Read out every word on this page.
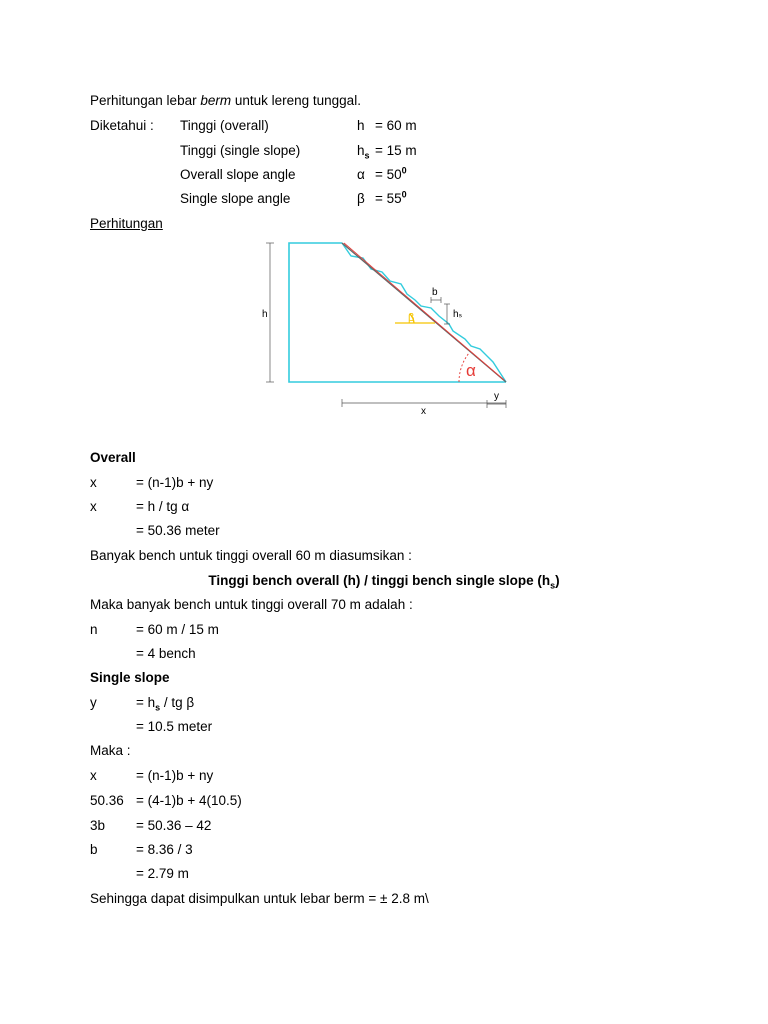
Perhitungan lebar berm untuk lereng tunggal.
Diketahui : Tinggi (overall)	h = 60 m
Tinggi (single slope)	$h_s = 15$ m
Overall slope angle	$\alpha = 50^0$
Single slope angle	$\beta = 55^0$
Perhitungan
h	β
b
hₛ
α
y
x
Overall
x	= (n-1)b + ny
x	= h / tg α
= 50.36 meter
Banyak bench untuk tinggi overall 60 m diasumsikan :
Tinggi bench overall (h) / tinggi bench single slope $(h_s)$
Maka banyak bench untuk tinggi overall 70 m adalah :
n	= 60 m / 15 m
= 4 bench
Single slope
y	= $h_s$ / tg β
= 10.5 meter
Maka :
x	= (n-1)b + ny
50.36 = (4-1)b + 4(10.5)
3b = 50.36 – 42
b	= 8.36 / 3
= 2.79 m
Sehingga dapat disimpulkan untuk lebar berm = ± 2.8 m\
